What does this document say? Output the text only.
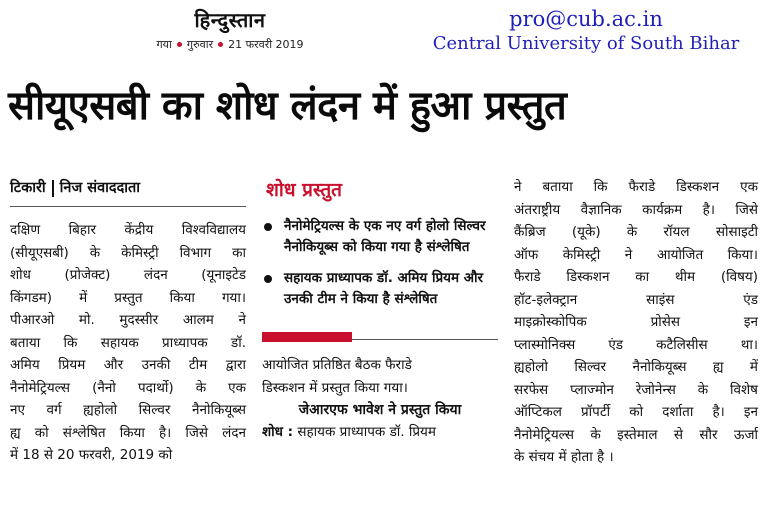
हिन्दुस्तान
गया गुरुवार 21 फरवरी 2019
pro@cub.ac.in
Central University of South Bihar
सीयूएसबी का शोध लंदन में हुआ प्रस्तुत
टिकारी निज संवाददाता
दक्षिण बिहार केंद्रीय विश्वविद्यालय
(सीयूएसबी) के केमिस्ट्री विभाग का
शोध (प्रोजेक्ट) लंदन (यूनाइटेड
किंगडम) में प्रस्तुत किया गया।
पीआरओ मो. मुदस्सीर आलम ने
बताया कि सहायक प्राध्यापक डॉ.
अमिय प्रियम और उनकी टीम द्वारा
नैनोमेट्रियल्स (नैनो पदार्थो) के एक
नए वर्ग ह्यहोलो सिल्वर नैनोकियूब्स
ह्य को संश्लेषित किया है। जिसे लंदन
में 18 से 20 फरवरी, 2019 को
शोध प्रस्तुत
नैनोमेट्रियल्स के एक नए वर्ग होलो सिल्वर नैनोकियूब्स को किया गया है संश्लेषित
सहायक प्राध्यापक डॉ. अमिय प्रियम और उनकी टीम ने किया है संश्लेषित
आयोजित प्रतिष्ठित बैठक फैराडे
डिस्कशन में प्रस्तुत किया गया।
जेआरएफ भावेश ने प्रस्तुत किया
शोध : सहायक प्राध्यापक डॉ. प्रियम
ने बताया कि फैराडे डिस्कशन एक
अंतराष्ट्रीय वैज्ञानिक कार्यक्रम है। जिसे
कैंब्रिज (यूके) के रॉयल सोसाइटी
ऑफ केमिस्ट्री ने आयोजित किया।
फैराडे डिस्कशन का थीम (विषय)
हॉट-इलेक्ट्रान साइंस एंड
माइक्रोस्कोपिक प्रोसेस इन
प्लास्मोनिक्स एंड कटैलिसीस था।
ह्यहोलो सिल्वर नैनोकियूब्स ह्य में
सरफेस प्लाज्मोन रेजोनेन्स के विशेष
ऑप्टिकल प्रॉपर्टी को दर्शाता है। इन
नैनोमेट्रियल्स के इस्तेमाल से सौर ऊर्जा
के संचय में होता है ।
